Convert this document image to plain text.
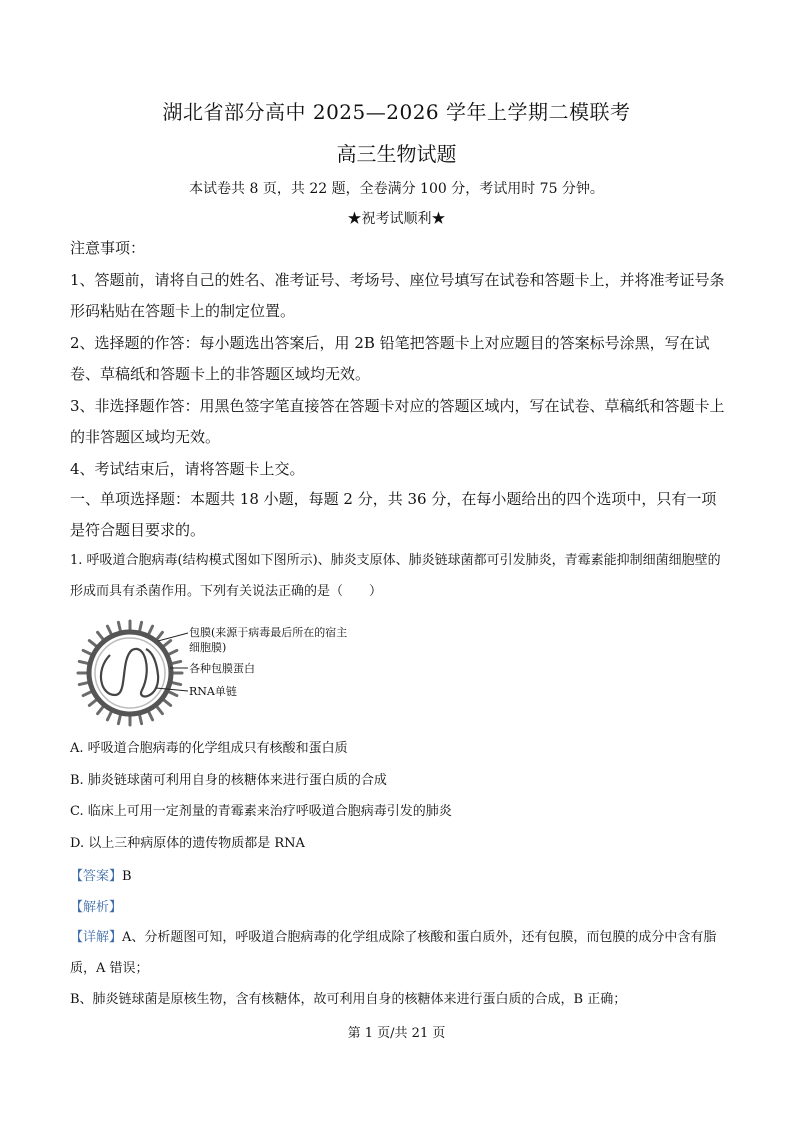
湖北省部分高中 2025—2026 学年上学期二模联考
高三生物试题
本试卷共 8 页，共 22 题，全卷满分 100 分，考试用时 75 分钟。
★祝考试顺利★
注意事项：
1、答题前，请将自己的姓名、准考证号、考场号、座位号填写在试卷和答题卡上，并将准考证号条形码粘贴在答题卡上的制定位置。
2、选择题的作答：每小题选出答案后，用 2B 铅笔把答题卡上对应题目的答案标号涂黑，写在试卷、草稿纸和答题卡上的非答题区域均无效。
3、非选择题作答：用黑色签字笔直接答在答题卡对应的答题区域内，写在试卷、草稿纸和答题卡上的非答题区域均无效。
4、考试结束后，请将答题卡上交。
一、单项选择题：本题共 18 小题，每题 2 分，共 36 分，在每小题给出的四个选项中，只有一项是符合题目要求的。
1. 呼吸道合胞病毒(结构模式图如下图所示)、肺炎支原体、肺炎链球菌都可引发肺炎，青霉素能抑制细菌细胞壁的形成而具有杀菌作用。下列有关说法正确的是（　　）
包膜(来源于病毒最后所在的宿主
细胞膜)
各种包膜蛋白
RNA单链
A. 呼吸道合胞病毒的化学组成只有核酸和蛋白质
B. 肺炎链球菌可利用自身的核糖体来进行蛋白质的合成
C. 临床上可用一定剂量的青霉素来治疗呼吸道合胞病毒引发的肺炎
D. 以上三种病原体的遗传物质都是 RNA
【答案】B
【解析】
【详解】A、分析题图可知，呼吸道合胞病毒的化学组成除了核酸和蛋白质外，还有包膜，而包膜的成分中含有脂质，A 错误；
B、肺炎链球菌是原核生物，含有核糖体，故可利用自身的核糖体来进行蛋白质的合成，B 正确；
第 1 页/共 21 页
